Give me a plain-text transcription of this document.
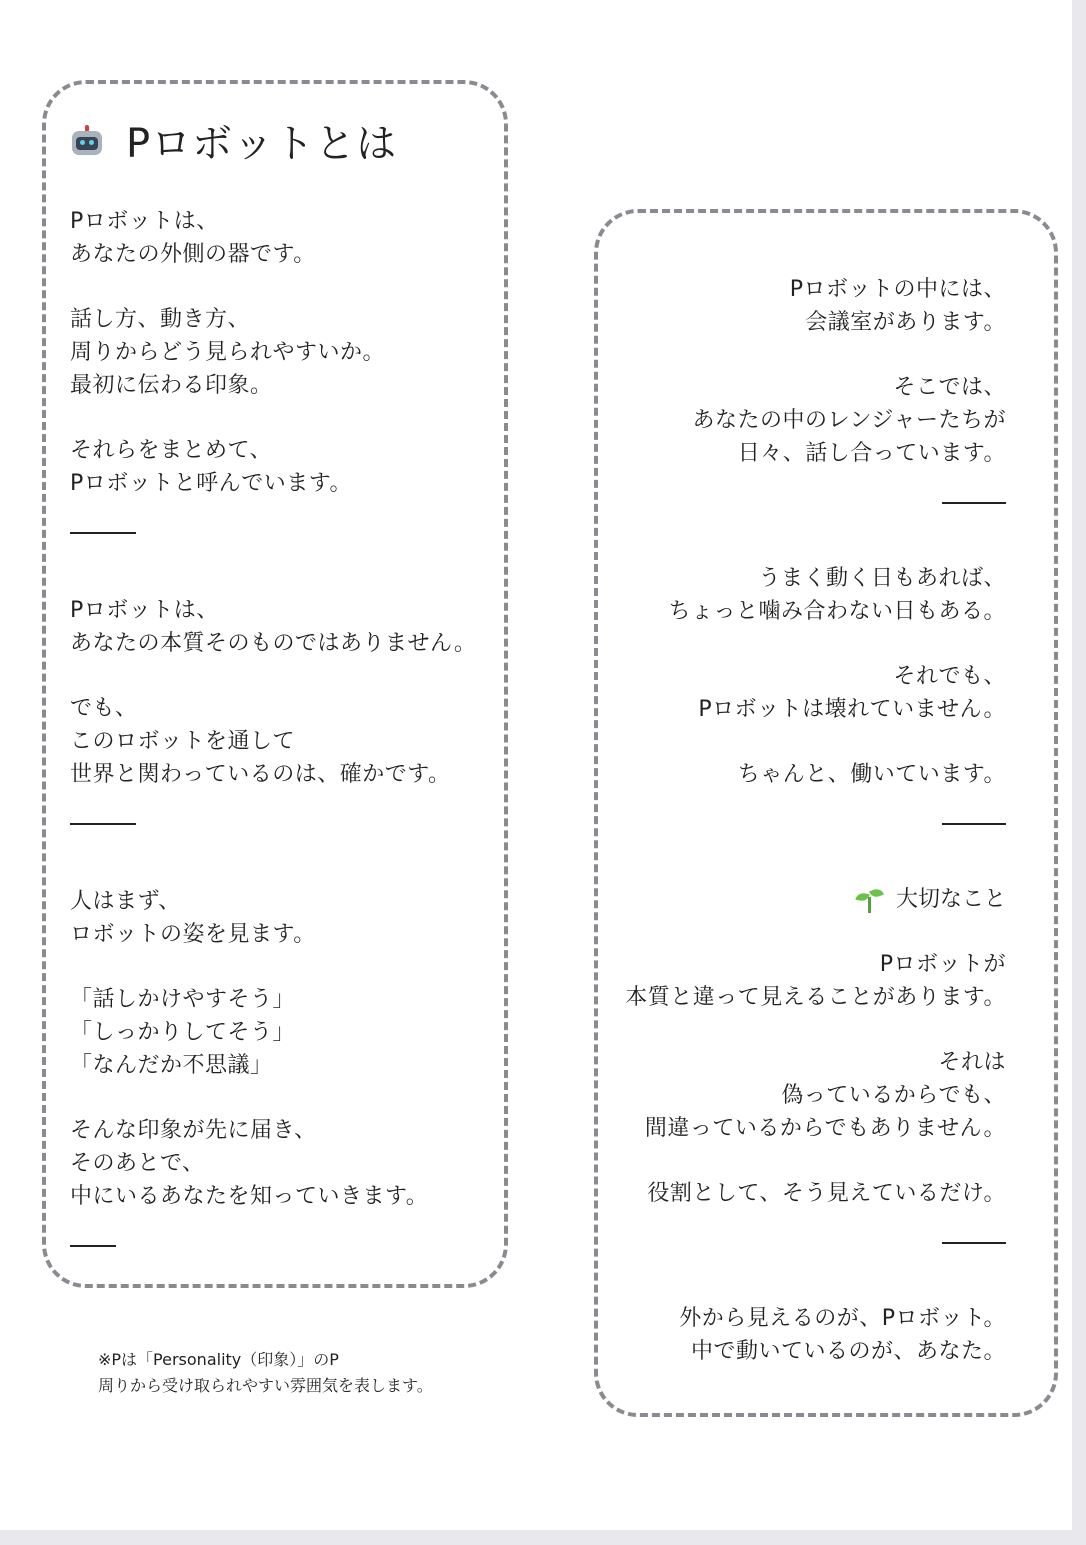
Pロボットとは
Pロボットは、
あなたの外側の器です。
話し方、動き方、
周りからどう見られやすいか。
最初に伝わる印象。
それらをまとめて、
Pロボットと呼んでいます。
Pロボットは、
あなたの本質そのものではありません。
でも、
このロボットを通して
世界と関わっているのは、確かです。
人はまず、
ロボットの姿を見ます。
「話しかけやすそう」
「しっかりしてそう」
「なんだか不思議」
そんな印象が先に届き、
そのあとで、
中にいるあなたを知っていきます。
※Pは「Personality（印象）」のP
周りから受け取られやすい雰囲気を表します。
Pロボットの中には、
会議室があります。
そこでは、
あなたの中のレンジャーたちが
日々、話し合っています。
うまく動く日もあれば、
ちょっと噛み合わない日もある。
それでも、
Pロボットは壊れていません。
ちゃんと、働いています。
大切なこと
Pロボットが
本質と違って見えることがあります。
それは
偽っているからでも、
間違っているからでもありません。
役割として、そう見えているだけ。
外から見えるのが、Pロボット。
中で動いているのが、あなた。
